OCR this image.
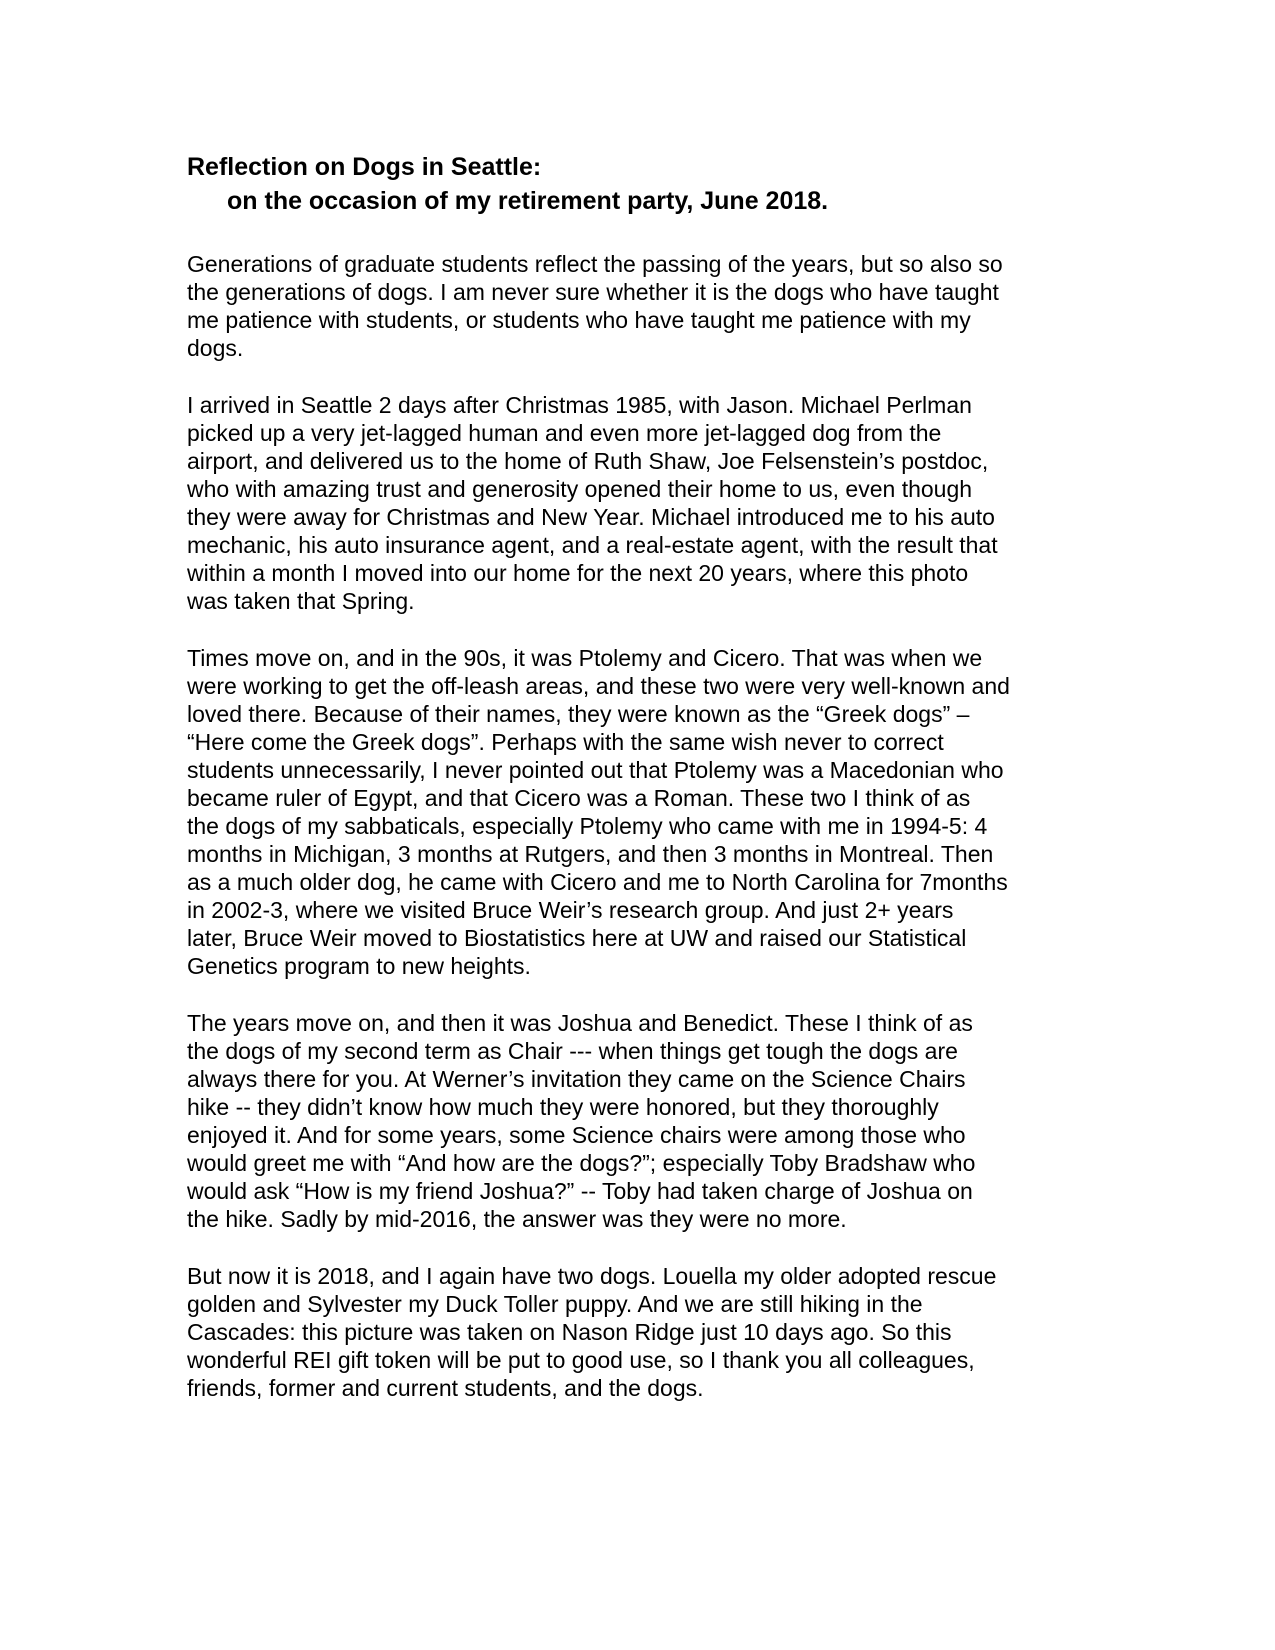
Reflection on Dogs in Seattle:
on the occasion of my retirement party, June 2018.

Generations of graduate students reflect the passing of the years, but so also so
the generations of dogs. I am never sure whether it is the dogs who have taught
me patience with students, or students who have taught me patience with my
dogs.

I arrived in Seattle 2 days after Christmas 1985, with Jason. Michael Perlman
picked up a very jet-lagged human and even more jet-lagged dog from the
airport, and delivered us to the home of Ruth Shaw, Joe Felsenstein’s postdoc,
who with amazing trust and generosity opened their home to us, even though
they were away for Christmas and New Year. Michael introduced me to his auto
mechanic, his auto insurance agent, and a real-estate agent, with the result that
within a month I moved into our home for the next 20 years, where this photo
was taken that Spring.

Times move on, and in the 90s, it was Ptolemy and Cicero. That was when we
were working to get the off-leash areas, and these two were very well-known and
loved there. Because of their names, they were known as the “Greek dogs” –
“Here come the Greek dogs”. Perhaps with the same wish never to correct
students unnecessarily, I never pointed out that Ptolemy was a Macedonian who
became ruler of Egypt, and that Cicero was a Roman. These two I think of as
the dogs of my sabbaticals, especially Ptolemy who came with me in 1994-5: 4
months in Michigan, 3 months at Rutgers, and then 3 months in Montreal. Then
as a much older dog, he came with Cicero and me to North Carolina for 7months
in 2002-3, where we visited Bruce Weir’s research group. And just 2+ years
later, Bruce Weir moved to Biostatistics here at UW and raised our Statistical
Genetics program to new heights.

The years move on, and then it was Joshua and Benedict. These I think of as
the dogs of my second term as Chair --- when things get tough the dogs are
always there for you. At Werner’s invitation they came on the Science Chairs
hike -- they didn’t know how much they were honored, but they thoroughly
enjoyed it. And for some years, some Science chairs were among those who
would greet me with “And how are the dogs?”; especially Toby Bradshaw who
would ask “How is my friend Joshua?” -- Toby had taken charge of Joshua on
the hike. Sadly by mid-2016, the answer was they were no more.

But now it is 2018, and I again have two dogs. Louella my older adopted rescue
golden and Sylvester my Duck Toller puppy. And we are still hiking in the
Cascades: this picture was taken on Nason Ridge just 10 days ago. So this
wonderful REI gift token will be put to good use, so I thank you all colleagues,
friends, former and current students, and the dogs.
